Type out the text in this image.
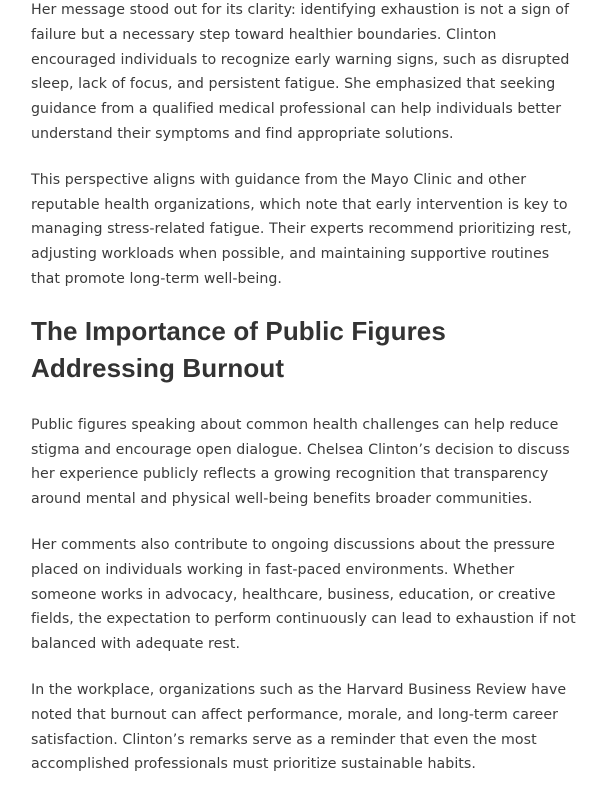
Her message stood out for its clarity: identifying exhaustion is not a sign of failure but a necessary step toward healthier boundaries. Clinton encouraged individuals to recognize early warning signs, such as disrupted sleep, lack of focus, and persistent fatigue. She emphasized that seeking guidance from a qualified medical professional can help individuals better understand their symptoms and find appropriate solutions.

This perspective aligns with guidance from the Mayo Clinic and other reputable health organizations, which note that early intervention is key to managing stress-related fatigue. Their experts recommend prioritizing rest, adjusting workloads when possible, and maintaining supportive routines that promote long-term well-being.

The Importance of Public Figures Addressing Burnout

Public figures speaking about common health challenges can help reduce stigma and encourage open dialogue. Chelsea Clinton’s decision to discuss her experience publicly reflects a growing recognition that transparency around mental and physical well-being benefits broader communities.

Her comments also contribute to ongoing discussions about the pressure placed on individuals working in fast-paced environments. Whether someone works in advocacy, healthcare, business, education, or creative fields, the expectation to perform continuously can lead to exhaustion if not balanced with adequate rest.

In the workplace, organizations such as the Harvard Business Review have noted that burnout can affect performance, morale, and long-term career satisfaction. Clinton’s remarks serve as a reminder that even the most accomplished professionals must prioritize sustainable habits.
